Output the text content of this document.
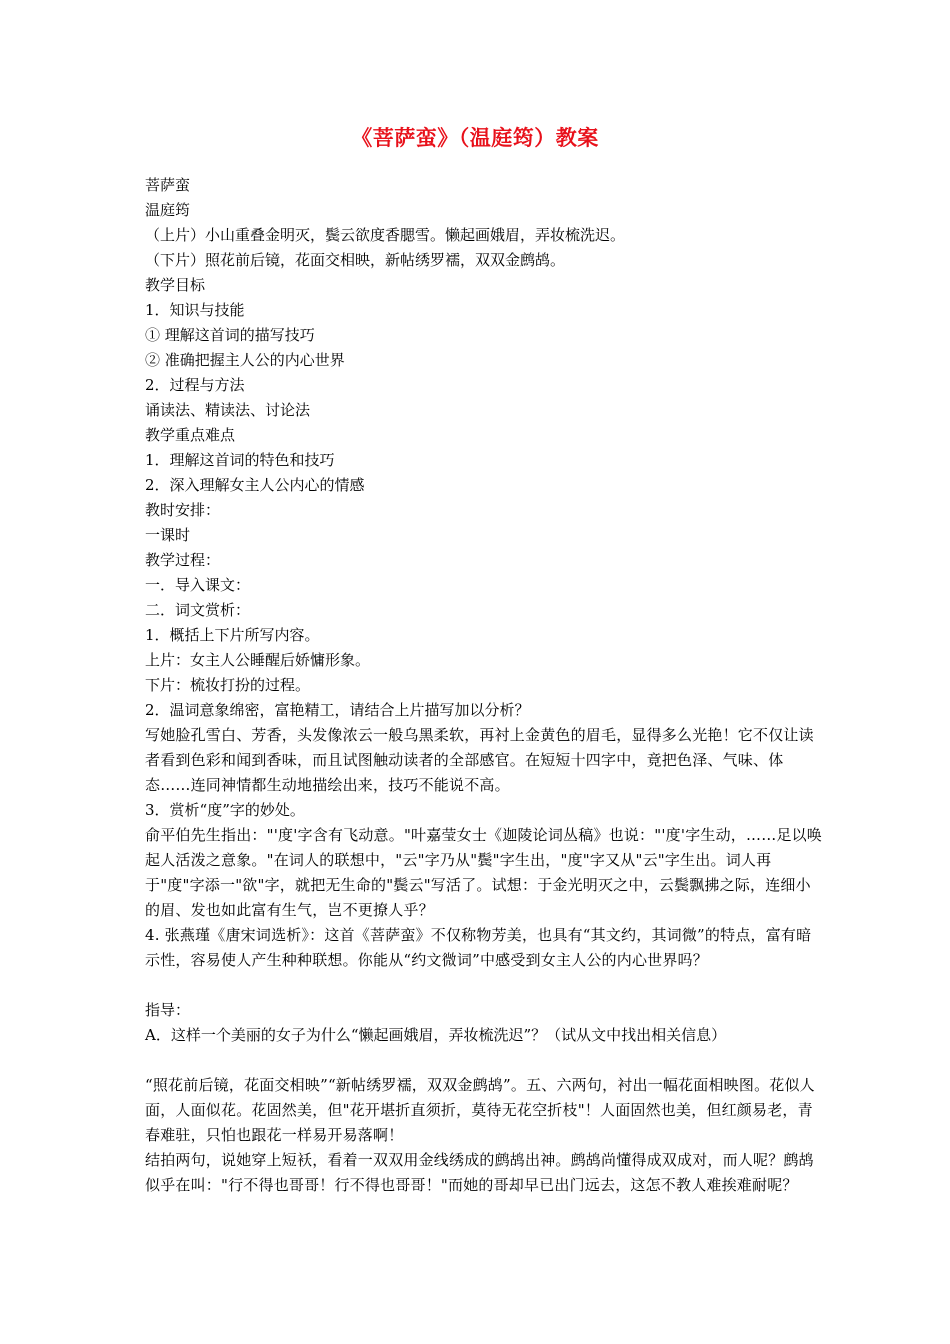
《菩萨蛮》（温庭筠）教案

菩萨蛮

温庭筠

（上片）小山重叠金明灭，鬓云欲度香腮雪。懒起画娥眉，弄妆梳洗迟。

（下片）照花前后镜，花面交相映，新帖绣罗襦，双双金鹧鸪。

教学目标

1．知识与技能

① 理解这首词的描写技巧

② 准确把握主人公的内心世界

2．过程与方法

诵读法、精读法、讨论法

教学重点难点

1．理解这首词的特色和技巧

2．深入理解女主人公内心的情感

教时安排：

一课时

教学过程：

一．导入课文：

二．词文赏析：

1．概括上下片所写内容。

上片：女主人公睡醒后娇慵形象。

下片：梳妆打扮的过程。

2．温词意象绵密，富艳精工，请结合上片描写加以分析？

写她脸孔雪白、芳香，头发像浓云一般乌黑柔软，再衬上金黄色的眉毛，显得多么光艳！它不仅让读者看到色彩和闻到香味，而且试图触动读者的全部感官。在短短十四字中，竟把色泽、气味、体态……连同神情都生动地描绘出来，技巧不能说不高。

3．赏析“度”字的妙处。

俞平伯先生指出："'度'字含有飞动意。"叶嘉莹女士《迦陵论词丛稿》也说："'度'字生动，……足以唤起人活泼之意象。"在词人的联想中，"云"字乃从"鬓"字生出，"度"字又从"云"字生出。词人再于"度"字添一"欲"字，就把无生命的"鬓云"写活了。试想：于金光明灭之中，云鬓飘拂之际，连细小的眉、发也如此富有生气，岂不更撩人乎？

4. 张燕瑾《唐宋词选析》：这首《菩萨蛮》不仅称物芳美，也具有“其文约，其词微”的特点，富有暗示性，容易使人产生种种联想。你能从“约文微词”中感受到女主人公的内心世界吗？

指导：

A．这样一个美丽的女子为什么“懒起画娥眉，弄妆梳洗迟”？（试从文中找出相关信息）

“照花前后镜，花面交相映”“新帖绣罗襦，双双金鹧鸪”。五、六两句，衬出一幅花面相映图。花似人面，人面似花。花固然美，但"花开堪折直须折，莫待无花空折枝"！人面固然也美，但红颜易老，青春难驻，只怕也跟花一样易开易落啊！

结拍两句，说她穿上短袄，看着一双双用金线绣成的鹧鸪出神。鹧鸪尚懂得成双成对，而人呢？鹧鸪似乎在叫："行不得也哥哥！行不得也哥哥！"而她的哥却早已出门远去，这怎不教人难挨难耐呢？
